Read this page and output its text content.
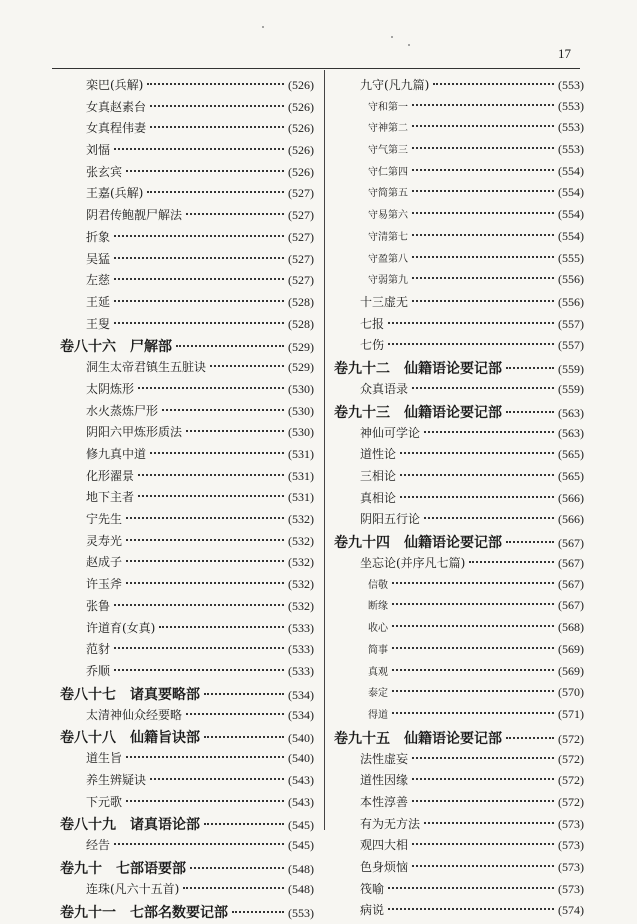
17
栾巴(兵解)	(526)
女真赵素台	(526)
女真程伟妻	(526)
刘愊	(526)
张玄宾	(526)
王嘉(兵解)	(527)
阴君传鲍靓尸解法	(527)
折象	(527)
吴猛	(527)
左慈	(527)
王延	(528)
王叟	(528)
卷八十六　尸解部	(529)
洞生太帝君镇生五脏诀	(529)
太阴炼形	(530)
水火蒸炼尸形	(530)
阴阳六甲炼形质法	(530)
修九真中道	(531)
化形濯景	(531)
地下主者	(531)
宁先生	(532)
灵寿光	(532)
赵成子	(532)
许玉斧	(532)
张鲁	(532)
许道育(女真)	(533)
范豺	(533)
乔顺	(533)
卷八十七　诸真要略部	(534)
太清神仙众经要略	(534)
卷八十八　仙籍旨诀部	(540)
道生旨	(540)
养生辨疑诀	(543)
下元歌	(543)
卷八十九　诸真语论部	(545)
经告	(545)
卷九十　七部语要部	(548)
连珠(凡六十五首)	(548)
卷九十一　七部名数要记部	(553)
九守(凡九篇)	(553)
守和第一	(553)
守神第二	(553)
守气第三	(553)
守仁第四	(554)
守简第五	(554)
守易第六	(554)
守清第七	(554)
守盈第八	(555)
守弱第九	(556)
十三虚无	(556)
七报	(557)
七伤	(557)
卷九十二　仙籍语论要记部	(559)
众真语录	(559)
卷九十三　仙籍语论要记部	(563)
神仙可学论	(563)
道性论	(565)
三相论	(565)
真相论	(566)
阴阳五行论	(566)
卷九十四　仙籍语论要记部	(567)
坐忘论(并序凡七篇)	(567)
信敬	(567)
断缘	(567)
收心	(568)
简事	(569)
真观	(569)
泰定	(570)
得道	(571)
卷九十五　仙籍语论要记部	(572)
法性虚妄	(572)
道性因缘	(572)
本性淳善	(572)
有为无方法	(573)
观四大相	(573)
色身烦恼	(573)
筏喻	(573)
病说	(574)
